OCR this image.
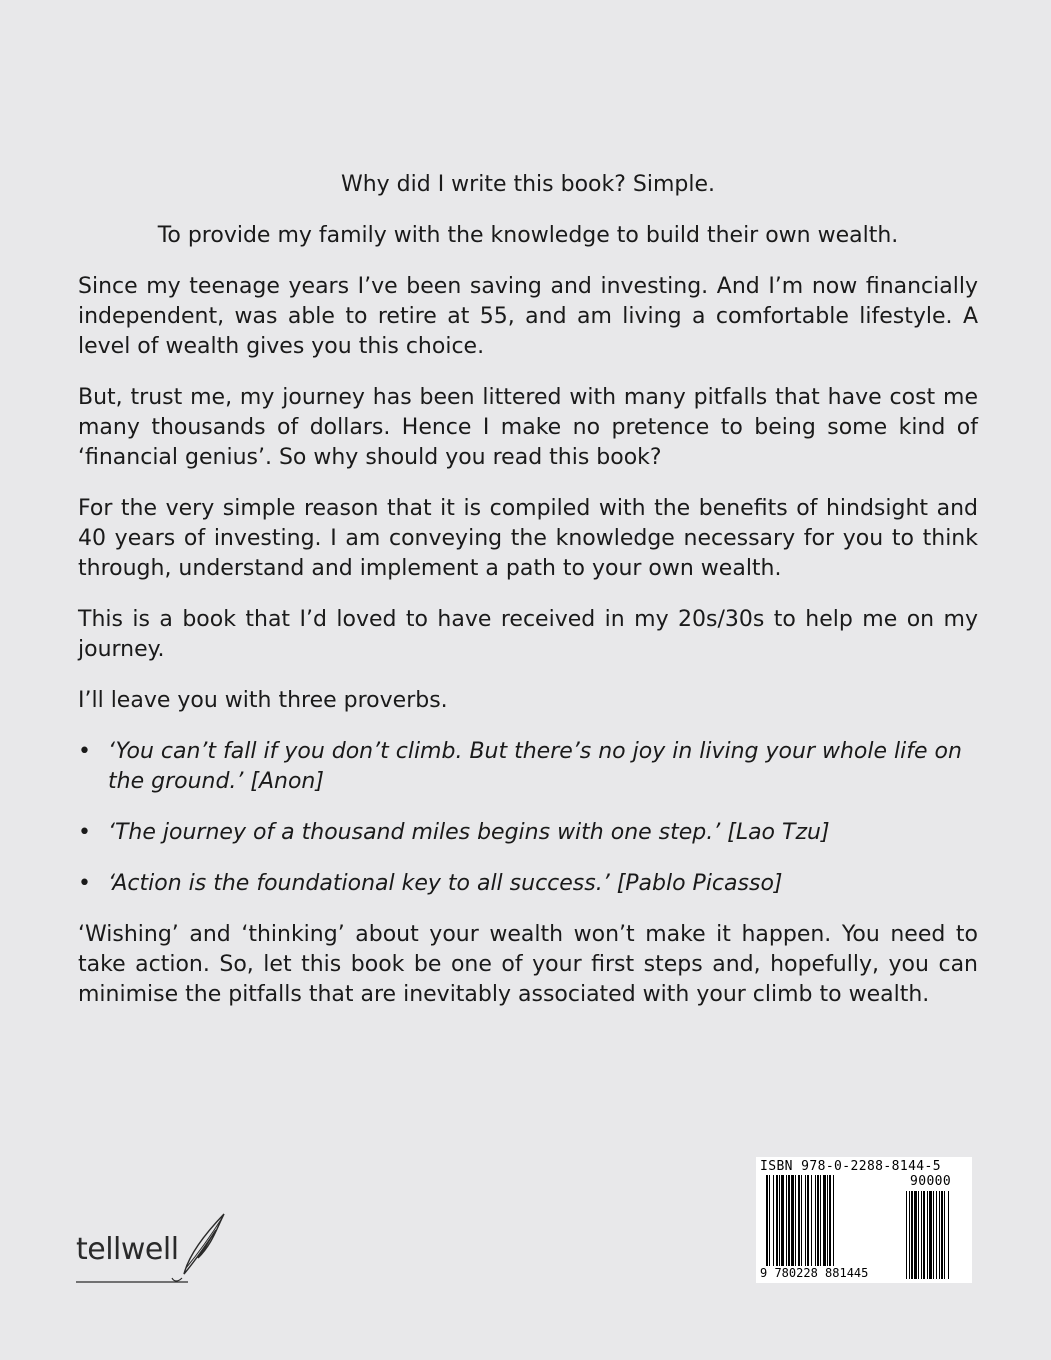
Why did I write this book? Simple.

To provide my family with the knowledge to build their own wealth.

Since my teenage years I’ve been saving and investing. And I’m now financially independent, was able to retire at 55, and am living a comfortable lifestyle. A level of wealth gives you this choice.

But, trust me, my journey has been littered with many pitfalls that have cost me many thousands of dollars. Hence I make no pretence to being some kind of ‘financial genius’. So why should you read this book?

For the very simple reason that it is compiled with the benefits of hindsight and 40 years of investing. I am conveying the knowledge necessary for you to think through, understand and implement a path to your own wealth.

This is a book that I’d loved to have received in my 20s/30s to help me on my journey.

I’ll leave you with three proverbs.

• ‘You can’t fall if you don’t climb. But there’s no joy in living your whole life on the ground.’ [Anon]
• ‘The journey of a thousand miles begins with one step.’ [Lao Tzu]
• ‘Action is the foundational key to all success.’ [Pablo Picasso]

‘Wishing’ and ‘thinking’ about your wealth won’t make it happen. You need to take action. So, let this book be one of your first steps and, hopefully, you can minimise the pitfalls that are inevitably associated with your climb to wealth.

tellwell
ISBN 978-0-2288-8144-5
90000
9 780228 881445
